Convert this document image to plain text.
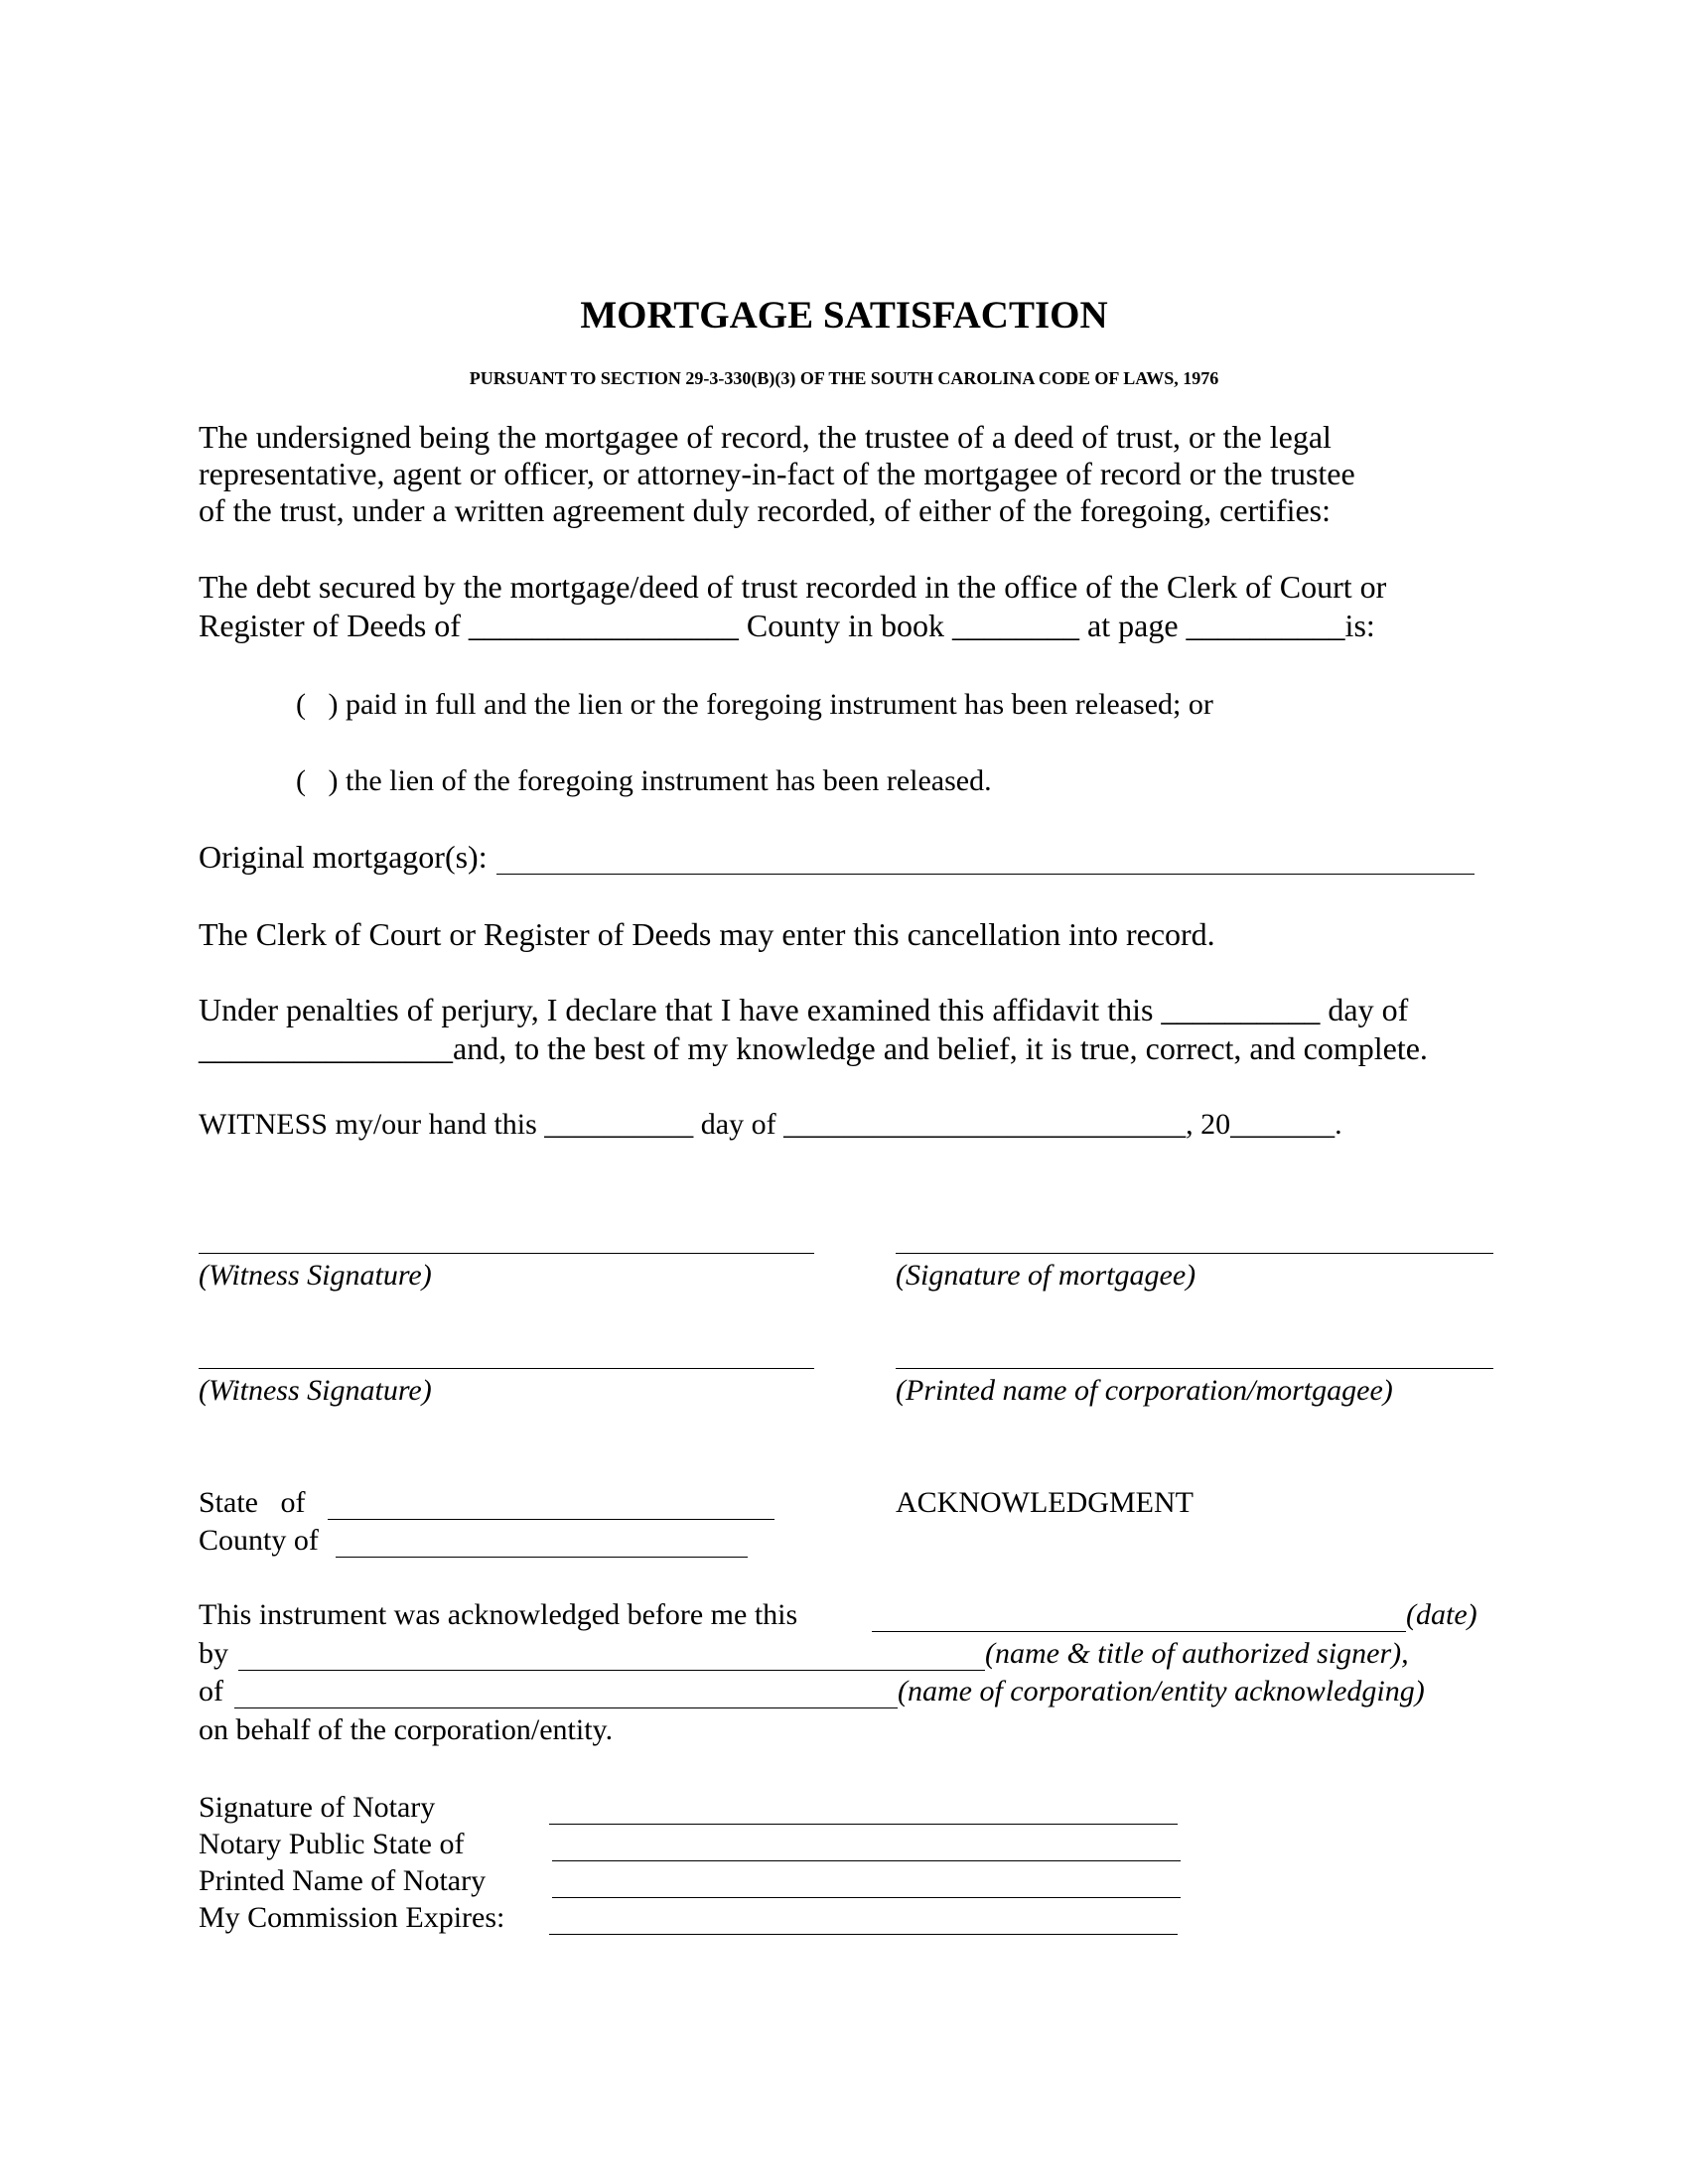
MORTGAGE SATISFACTION
PURSUANT TO SECTION 29-3-330(B)(3) OF THE SOUTH CAROLINA CODE OF LAWS, 1976
The undersigned being the mortgagee of record, the trustee of a deed of trust, or the legal
representative, agent or officer, or attorney-in-fact of the mortgagee of record or the trustee
of the trust, under a written agreement duly recorded, of either of the foregoing, certifies:
The debt secured by the mortgage/deed of trust recorded in the office of the Clerk of Court or
Register of Deeds of _________________ County in book ________ at page __________is:
(   ) paid in full and the lien or the foregoing instrument has been released; or
(   ) the lien of the foregoing instrument has been released.
Original mortgagor(s):
The Clerk of Court or Register of Deeds may enter this cancellation into record.
Under penalties of perjury, I declare that I have examined this affidavit this __________ day of
________________and, to the best of my knowledge and belief, it is true, correct, and complete.
WITNESS my/our hand this __________ day of ___________________________, 20_______.
(Witness Signature)	(Signature of mortgagee)
(Witness Signature)	(Printed name of corporation/mortgagee)
State   of
County of
ACKNOWLEDGMENT
This instrument was acknowledged before me this	(date)
by	(name & title of authorized signer),
of	(name of corporation/entity acknowledging)
on behalf of the corporation/entity.
Signature of Notary
Notary Public State of
Printed Name of Notary
My Commission Expires:
